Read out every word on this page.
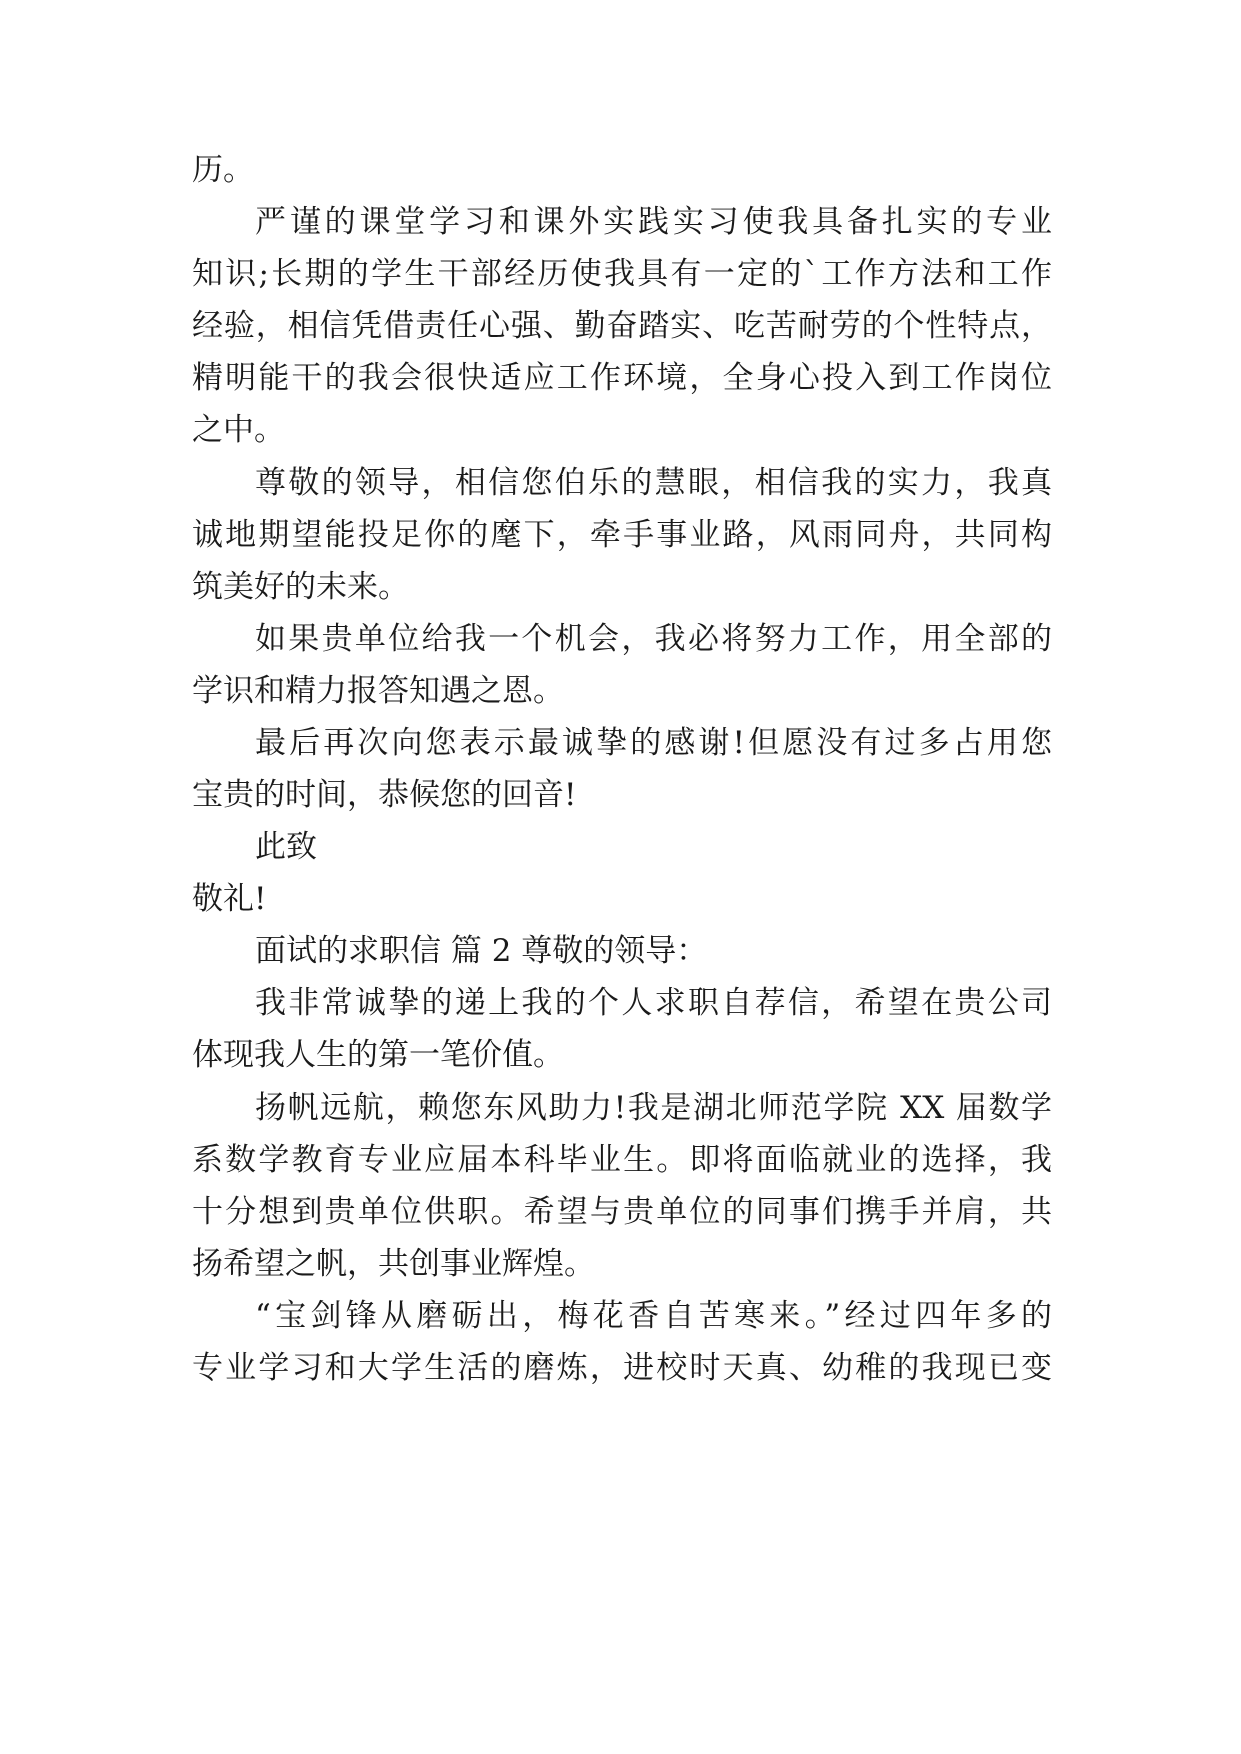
历。
严谨的课堂学习和课外实践实习使我具备扎实的专业
知识;长期的学生干部经历使我具有一定的`工作方法和工作
经验，相信凭借责任心强、勤奋踏实、吃苦耐劳的个性特点，
精明能干的我会很快适应工作环境，全身心投入到工作岗位
之中。
尊敬的领导，相信您伯乐的慧眼，相信我的实力，我真
诚地期望能投足你的麾下，牵手事业路，风雨同舟，共同构
筑美好的未来。
如果贵单位给我一个机会，我必将努力工作，用全部的
学识和精力报答知遇之恩。
最后再次向您表示最诚挚的感谢!但愿没有过多占用您
宝贵的时间，恭候您的回音!
此致
敬礼!
面试的求职信 篇 2 尊敬的领导：
我非常诚挚的递上我的个人求职自荐信，希望在贵公司
体现我人生的第一笔价值。
扬帆远航，赖您东风助力!我是湖北师范学院 XX 届数学
系数学教育专业应届本科毕业生。即将面临就业的选择，我
十分想到贵单位供职。希望与贵单位的同事们携手并肩，共
扬希望之帆，共创事业辉煌。
“宝剑锋从磨砺出，梅花香自苦寒来。”经过四年多的
专业学习和大学生活的磨炼，进校时天真、幼稚的我现已变
